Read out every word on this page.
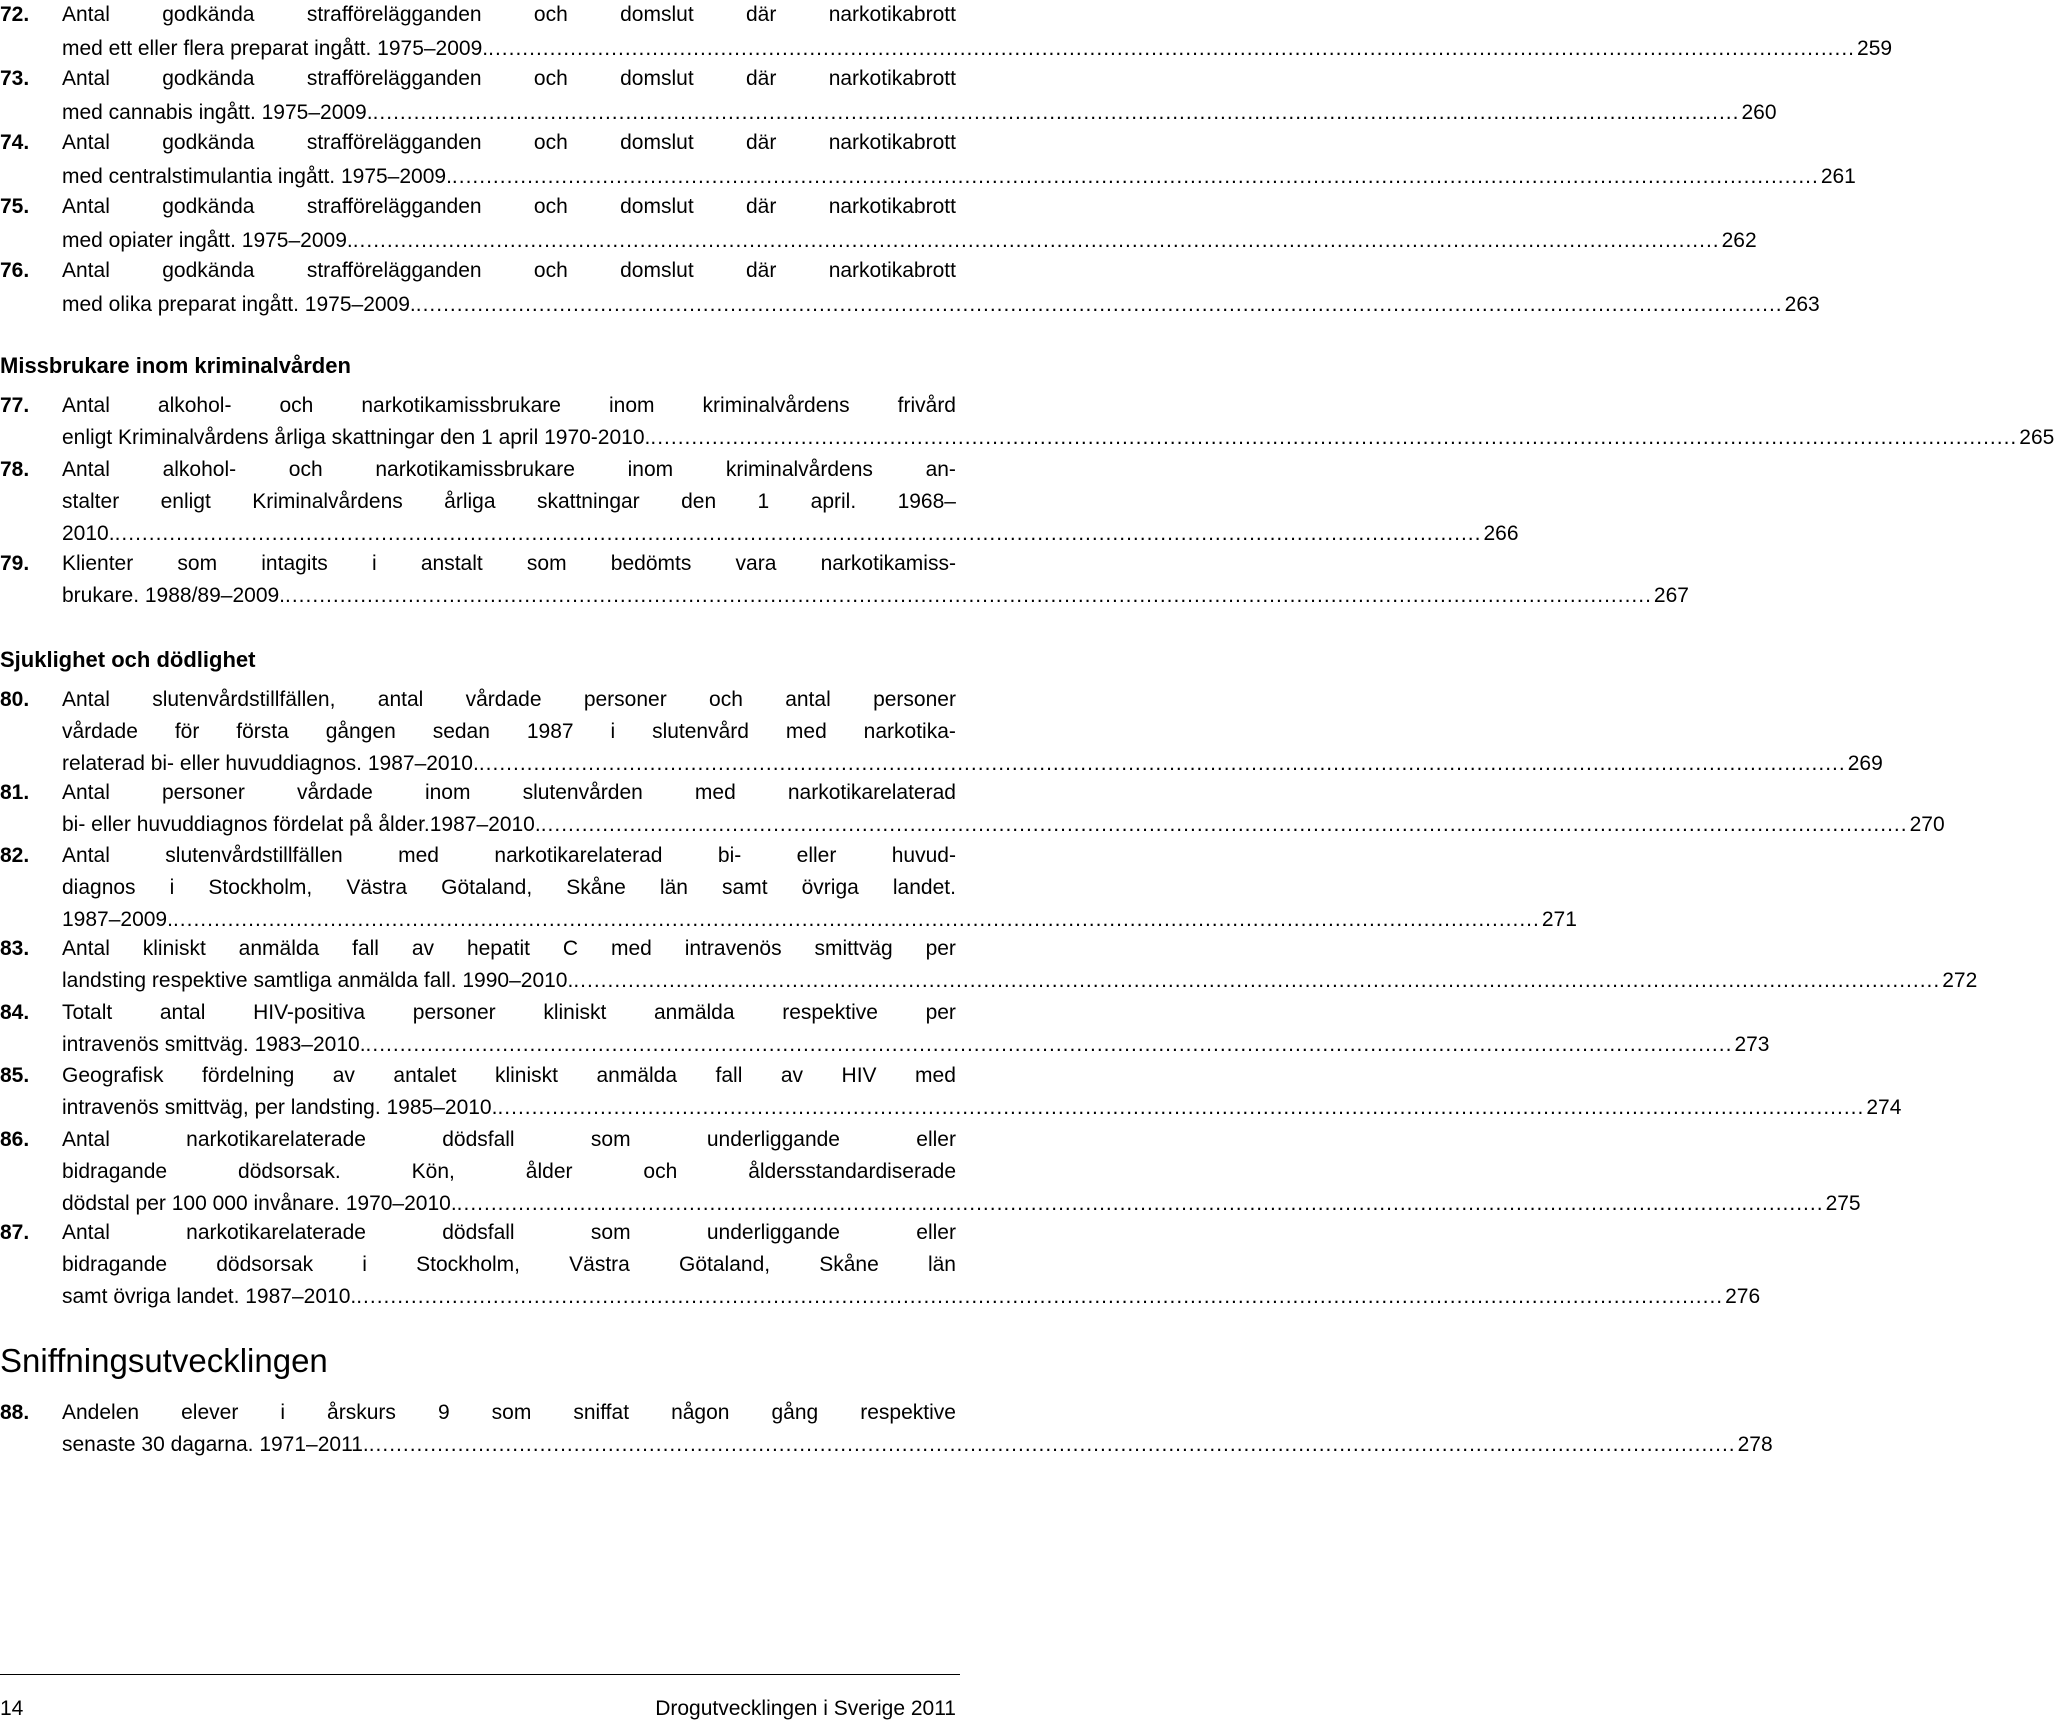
72. Antal godkända strafförelägganden och domslut där narkotikabrott
med ett eller flera preparat ingått. 1975–2009. ........................................................................................................................................................................................................ 259
73. Antal godkända strafförelägganden och domslut där narkotikabrott
med cannabis ingått. 1975–2009. ........................................................................................................................................................................................................ 260
74. Antal godkända strafförelägganden och domslut där narkotikabrott
med centralstimulantia ingått. 1975–2009. ........................................................................................................................................................................................................ 261
75. Antal godkända strafförelägganden och domslut där narkotikabrott
med opiater ingått. 1975–2009. ........................................................................................................................................................................................................ 262
76. Antal godkända strafförelägganden och domslut där narkotikabrott
med olika preparat ingått. 1975–2009. ........................................................................................................................................................................................................ 263
Missbrukare inom kriminalvården
77. Antal alkohol- och narkotikamissbrukare inom kriminalvårdens frivård
enligt Kriminalvårdens årliga skattningar den 1 april 1970-2010. ........................................................................................................................................................................................................ 265
78. Antal	alkohol-	och	narkotikamissbrukare	inom	kriminalvårdens	an-
stalter enligt Kriminalvårdens årliga skattningar den 1 april. 1968–
2010. ........................................................................................................................................................................................................ 266
79. Klienter som intagits i anstalt som bedömts vara narkotikamiss-
brukare. 1988/89–2009. ........................................................................................................................................................................................................ 267
Sjuklighet och dödlighet
80. Antal slutenvårdstillfällen, antal vårdade personer och antal personer
vårdade för första gången sedan 1987 i slutenvård med narkotika-
relaterad bi- eller huvuddiagnos. 1987–2010. ........................................................................................................................................................................................................ 269
81. Antal personer vårdade inom slutenvården med narkotikarelaterad
bi- eller huvuddiagnos fördelat på ålder.1987–2010. ........................................................................................................................................................................................................ 270
82. Antal	slutenvårdstillfällen	med	narkotikarelaterad	bi-	eller	huvud-
diagnos i Stockholm, Västra Götaland, Skåne län samt övriga landet.
1987–2009. ........................................................................................................................................................................................................ 271
83. Antal kliniskt anmälda fall av hepatit C med intravenös smittväg per
landsting respektive samtliga anmälda fall. 1990–2010. ........................................................................................................................................................................................................ 272
84. Totalt antal HIV-positiva personer kliniskt anmälda respektive per
intravenös smittväg. 1983–2010. ........................................................................................................................................................................................................ 273
85. Geografisk fördelning av antalet kliniskt anmälda fall av HIV med
intravenös smittväg, per landsting. 1985–2010. ........................................................................................................................................................................................................ 274
86. Antal	narkotikarelaterade	dödsfall	som	underliggande	eller
bidragande	dödsorsak.	Kön,	ålder	och	åldersstandardiserade
dödstal per 100 000 invånare. 1970–2010. ........................................................................................................................................................................................................ 275
87. Antal	narkotikarelaterade	dödsfall	som	underliggande	eller
bidragande dödsorsak i Stockholm, Västra Götaland, Skåne län
samt övriga landet. 1987–2010. ........................................................................................................................................................................................................ 276
Sniffningsutvecklingen
88. Andelen elever i årskurs 9 som sniffat någon gång respektive
senaste 30 dagarna. 1971–2011. ........................................................................................................................................................................................................ 278
14	Drogutvecklingen i Sverige 2011
